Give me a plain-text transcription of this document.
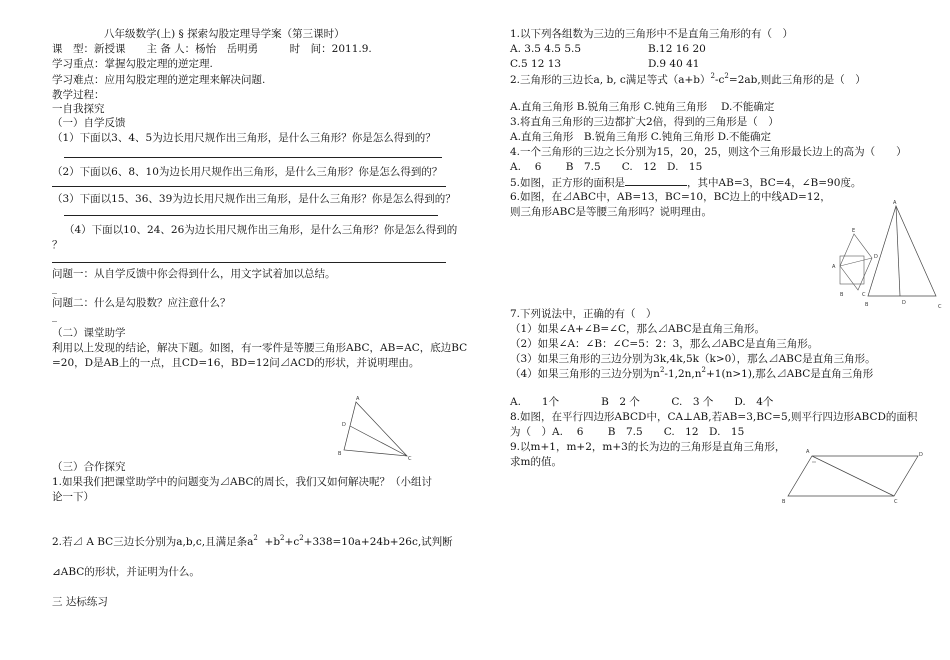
八年级数学(上) § 探索勾股定理导学案（第三课时）
课　型：新授课　　主 备 人：杨怡　岳明勇　　　时　间：2011.9.
学习重点：掌握勾股定理的逆定理.
学习难点：应用勾股定理的逆定理来解决问题.
教学过程：
一自我探究
（一）自学反馈
（1）下面以3、4、5为边长用尺规作出三角形，是什么三角形？你是怎么得到的？
（2）下面以6、8、10为边长用尺规作出三角形，是什么三角形？你是怎么得到的？
（3）下面以15、36、39为边长用尺规作出三角形，是什么三角形？你是怎么得到的？
（4）下面以10、24、26为边长用尺规作出三角形，是什么三角形？你是怎么得到的
？
问题一：从自学反馈中你会得到什么，用文字试着加以总结。
_
问题二：什么是勾股数？应注意什么？
_
（二）课堂助学
利用以上发现的结论，解决下题。如图，有一零件是等腰三角形ABC，AB=AC，底边BC
=20，D是AB上的一点，且CD=16，BD=12问⊿ACD的形状，并说明理由。
A
D
B
C
（三）合作探究
1.如果我们把课堂助学中的问题变为⊿ABC的周长，我们又如何解决呢？（小组讨
论一下）
2.若⊿ A BC三边长分别为a,b,c,且满足条$a^2 +b^2+c^2+338=10a+24b+26c$,试判断
⊿ABC的形状，并证明为什么。
三 达标练习
1.以下列各组数为三边的三角形中不是直角三角形的有（　）
A. 3.5 4.5 5.5	B.12 16 20
C.5 12 13	D.9 40 41
2.三角形的三边长a, b, c满足等式$(a+b)^2-c^2=2ab$,则此三角形的是（　）
A.直角三角形 B.锐角三角形 C.钝角三角形　 D.不能确定
3.将直角三角形的三边都扩大2倍，得到的三角形是（　）
A.直角三角形　B.锐角三角形 C.钝角三角形 D.不能确定
4.一个三角形的三边之长分别为15，20，25，则这个三角形最长边上的高为（　　）
A.　 6　　 B　7.5　　C.　12　D.　15
5.如图，正方形的面积是	，其中AB=3，BC=4，∠B=90度。
6.如图，在⊿ABC中，AB=13，BC=10，BC边上的中线AD=12，
则三角形ABC是等腰三角形吗？说明理由。
E
A
B	C
D
A
B	D
C
7.下列说法中，正确的有（　）
（1）如果∠A+∠B=∠C，那么⊿ABC是直角三角形。
（2）如果∠A：∠B：∠C=5：2：3，那么⊿ABC是直角三角形。
（3）如果三角形的三边分别为3k,4k,5k（k>0），那么⊿ABC是直角三角形。
（4）如果三角形的三边分别为$n^2-1,2n,n^2+1(n>1)$,那么⊿ABC是直角三角形
A.　　1个　　　　B　2 个　　　C.　3 个　　D.　4个
8.如图，在平行四边形ABCD中，CA⊥AB,若AB=3,BC=5,则平行四边形ABCD的面积
为（　）A.　 6　　 B　7.5　　C.　12　D.　15
9.以m+1，m+2，m+3的长为边的三角形是直角三角形，
求m的值。
A	D
B	C
